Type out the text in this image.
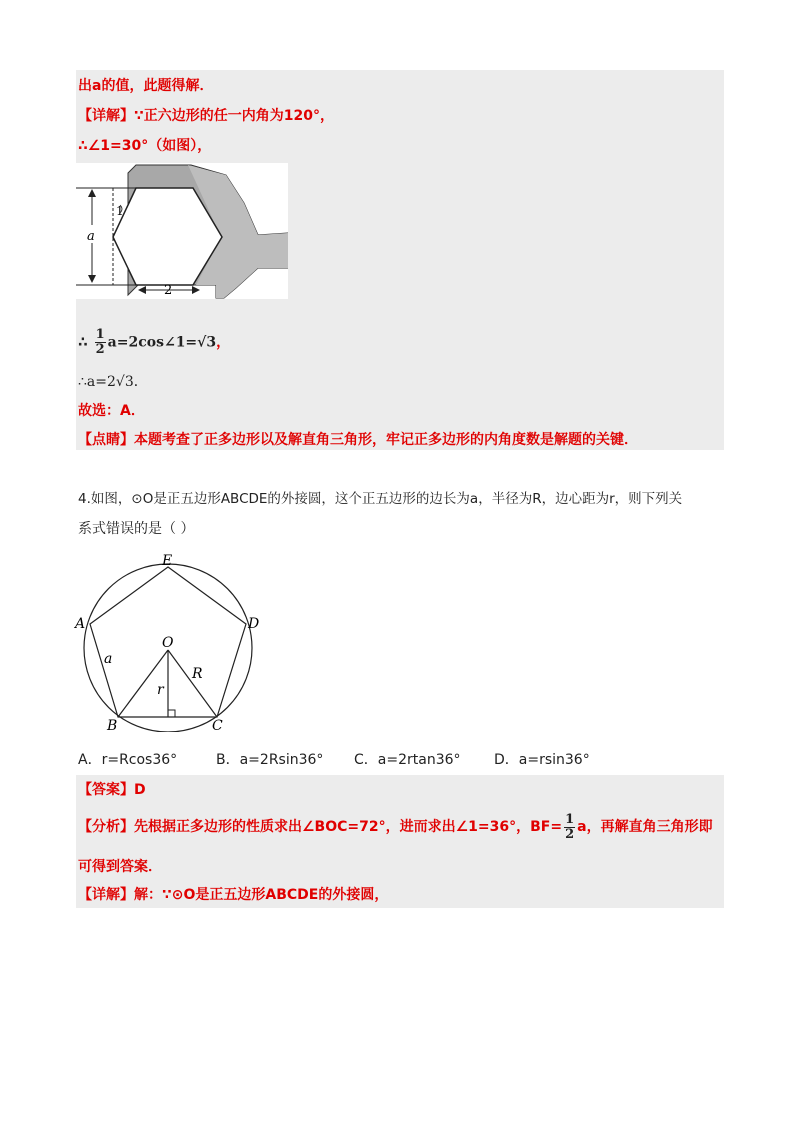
出a的值，此题得解．
【详解】∵正六边形的任一内角为120°，
∴∠1=30°（如图），
a
1
2
∴ $\frac{1}{2}$ a=2cos∠1=√3，
∴a=2√3．
故选：A．
【点睛】本题考查了正多边形以及解直角三角形，牢记正多边形的内角度数是解题的关键．
4.如图，⊙O是正五边形ABCDE的外接圆，这个正五边形的边长为a，半径为R，边心距为r，则下列关
系式错误的是（ ）
E
A	D
O
a
R
r
B	C
A．r=Rcos36°	B．a=2Rsin36° C．a=2rtan36° D．a=rsin36°
【答案】D
【分析】先根据正多边形的性质求出∠BOC=72°，进而求出∠1=36°，$BF= \frac{1}{2}$ a，再解直角三角形即
可得到答案．
【详解】解：∵⊙O是正五边形ABCDE的外接圆，
